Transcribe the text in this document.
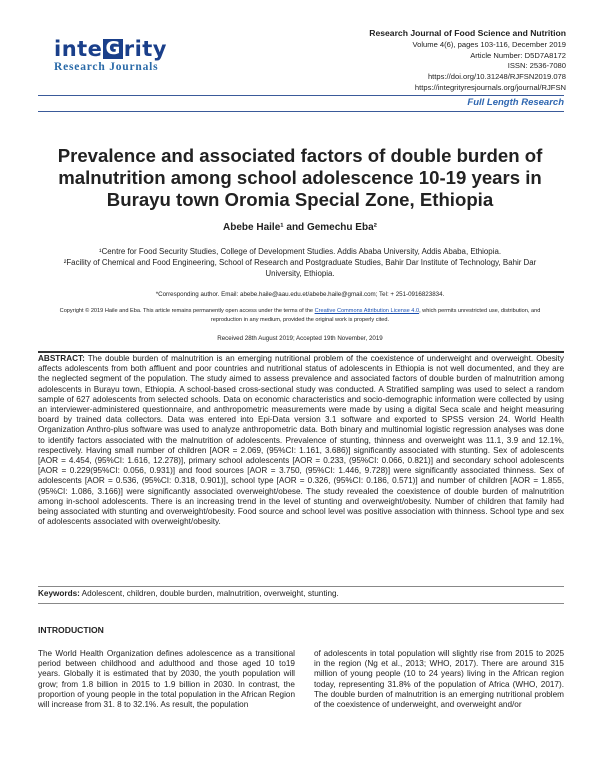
inte G rity
Research Journals
Research Journal of Food Science and Nutrition
Volume 4(6), pages 103-116, December 2019
Article Number: D5D7A8172
ISSN: 2536-7080
https://doi.org/10.31248/RJFSN2019.078
https://integrityresjournals.org/journal/RJFSN
Full Length Research
Prevalence and associated factors of double burden of malnutrition among school adolescence 10-19 years in Burayu town Oromia Special Zone, Ethiopia
Abebe Haile¹ and Gemechu Eba²
¹Centre for Food Security Studies, College of Development Studies. Addis Ababa University, Addis Ababa, Ethiopia.
²Facility of Chemical and Food Engineering, School of Research and Postgraduate Studies, Bahir Dar Institute of Technology, Bahir Dar University, Ethiopia.
*Corresponding author. Email: abebe.haile@aau.edu.et/abebe.haile@gmail.com; Tel: + 251-0916823834.
Copyright © 2019 Haile and Eba. This article remains permanently open access under the terms of the Creative Commons Attribution License 4.0, which permits unrestricted use, distribution, and reproduction in any medium, provided the original work is properly cited.
Received 28th August 2019; Accepted 19th November, 2019
ABSTRACT: The double burden of malnutrition is an emerging nutritional problem of the coexistence of underweight and overweight. Obesity affects adolescents from both affluent and poor countries and nutritional status of adolescents in Ethiopia is not well documented, and they are the neglected segment of the population. The study aimed to assess prevalence and associated factors of double burden of malnutrition among adolescents in Burayu town, Ethiopia. A school-based cross-sectional study was conducted. A Stratified sampling was used to select a random sample of 627 adolescents from selected schools. Data on economic characteristics and socio-demographic information were collected by using an interviewer-administered questionnaire, and anthropometric measurements were made by using a digital Seca scale and height measuring board by trained data collectors. Data was entered into Epi-Data version 3.1 software and exported to SPSS version 24. World Health Organization Anthro-plus software was used to analyze anthropometric data. Both binary and multinomial logistic regression analyses was done to identify factors associated with the malnutrition of adolescents. Prevalence of stunting, thinness and overweight was 11.1, 3.9 and 12.1%, respectively. Having small number of children [AOR = 2.069, (95%CI: 1.161, 3.686)] significantly associated with stunting. Sex of adolescents [AOR = 4.454, (95%CI: 1.616, 12.278)], primary school adolescents [AOR = 0.233, (95%CI: 0.066, 0.821)] and secondary school adolescents [AOR = 0.229(95%CI: 0.056, 0.931)] and food sources [AOR = 3.750, (95%CI: 1.446, 9.728)] were significantly associated thinness. Sex of adolescents [AOR = 0.536, (95%CI: 0.318, 0.901)], school type [AOR = 0.326, (95%CI: 0.186, 0.571)] and number of children [AOR = 1.855, (95%CI: 1.086, 3.166)] were significantly associated overweight/obese. The study revealed the coexistence of double burden of malnutrition among in-school adolescents. There is an increasing trend in the level of stunting and overweight/obesity. Number of children that family had being associated with stunting and overweight/obesity. Food source and school level was positive association with thinness. School type and sex of adolescents associated with overweight/obesity.
Keywords: Adolescent, children, double burden, malnutrition, overweight, stunting.
INTRODUCTION
The World Health Organization defines adolescence as a transitional period between childhood and adulthood and those aged 10 to19 years. Globally it is estimated that by 2030, the youth population will grow; from 1.8 billion in 2015 to 1.9 billion in 2030. In contrast, the proportion of young people in the total population in the African Region will increase from 31. 8 to 32.1%. As result, the population
of adolescents in total population will slightly rise from 2015 to 2025 in the region (Ng et al., 2013; WHO, 2017). There are around 315 million of young people (10 to 24 years) living in the African region today, representing 31.8% of the population of Africa (WHO, 2017). The double burden of malnutrition is an emerging nutritional problem of the coexistence of underweight, and overweight and/or
